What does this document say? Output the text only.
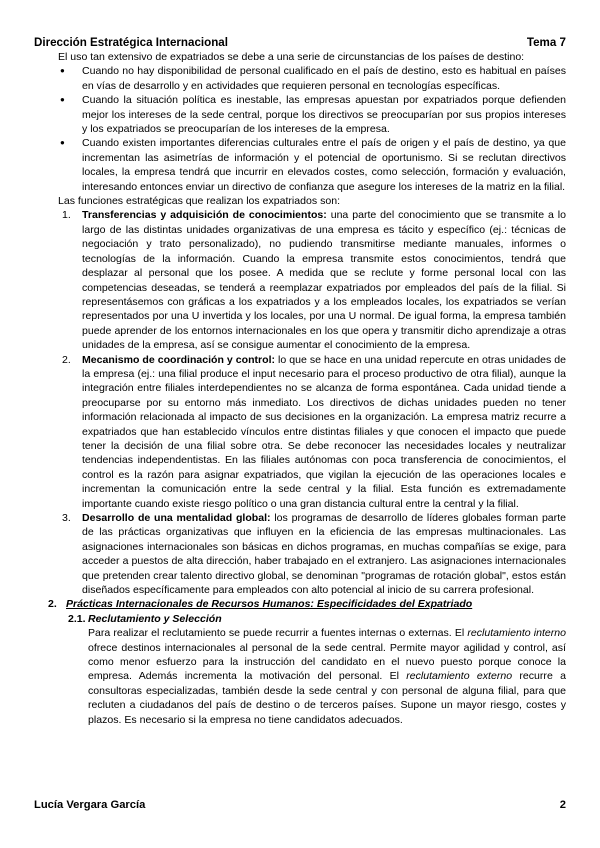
Dirección Estratégica Internacional	Tema 7

El uso tan extensivo de expatriados se debe a una serie de circunstancias de los países de destino:

● Cuando no hay disponibilidad de personal cualificado en el país de destino, esto es habitual en países en vías de desarrollo y en actividades que requieren personal en tecnologías específicas.
● Cuando la situación política es inestable, las empresas apuestan por expatriados porque defienden mejor los intereses de la sede central, porque los directivos se preocuparían por sus propios intereses y los expatriados se preocuparían de los intereses de la empresa.
● Cuando existen importantes diferencias culturales entre el país de origen y el país de destino, ya que incrementan las asimetrías de información y el potencial de oportunismo. Si se reclutan directivos locales, la empresa tendrá que incurrir en elevados costes, como selección, formación y evaluación, interesando entonces enviar un directivo de confianza que asegure los intereses de la matriz en la filial.

Las funciones estratégicas que realizan los expatriados son:

1. Transferencias y adquisición de conocimientos: una parte del conocimiento que se transmite a lo largo de las distintas unidades organizativas de una empresa es tácito y específico (ej.: técnicas de negociación y trato personalizado), no pudiendo transmitirse mediante manuales, informes o tecnologías de la información. Cuando la empresa transmite estos conocimientos, tendrá que desplazar al personal que los posee. A medida que se reclute y forme personal local con las competencias deseadas, se tenderá a reemplazar expatriados por empleados del país de la filial. Si representásemos con gráficas a los expatriados y a los empleados locales, los expatriados se verían representados por una U invertida y los locales, por una U normal. De igual forma, la empresa también puede aprender de los entornos internacionales en los que opera y transmitir dicho aprendizaje a otras unidades de la empresa, así se consigue aumentar el conocimiento de la empresa.
2. Mecanismo de coordinación y control: lo que se hace en una unidad repercute en otras unidades de la empresa (ej.: una filial produce el input necesario para el proceso productivo de otra filial), aunque la integración entre filiales interdependientes no se alcanza de forma espontánea. Cada unidad tiende a preocuparse por su entorno más inmediato. Los directivos de dichas unidades pueden no tener información relacionada al impacto de sus decisiones en la organización. La empresa matriz recurre a expatriados que han establecido vínculos entre distintas filiales y que conocen el impacto que puede tener la decisión de una filial sobre otra. Se debe reconocer las necesidades locales y neutralizar tendencias independentistas. En las filiales autónomas con poca transferencia de conocimientos, el control es la razón para asignar expatriados, que vigilan la ejecución de las operaciones locales e incrementan la comunicación entre la sede central y la filial. Esta función es extremadamente importante cuando existe riesgo político o una gran distancia cultural entre la central y la filial.
3. Desarrollo de una mentalidad global: los programas de desarrollo de líderes globales forman parte de las prácticas organizativas que influyen en la eficiencia de las empresas multinacionales. Las asignaciones internacionales son básicas en dichos programas, en muchas compañías se exige, para acceder a puestos de alta dirección, haber trabajado en el extranjero. Las asignaciones internacionales que pretenden crear talento directivo global, se denominan "programas de rotación global", estos están diseñados específicamente para empleados con alto potencial al inicio de su carrera profesional.
2. Prácticas Internacionales de Recursos Humanos: Especificidades del Expatriado
2.1. Reclutamiento y Selección

Para realizar el reclutamiento se puede recurrir a fuentes internas o externas. El reclutamiento interno ofrece destinos internacionales al personal de la sede central. Permite mayor agilidad y control, así como menor esfuerzo para la instrucción del candidato en el nuevo puesto porque conoce la empresa. Además incrementa la motivación del personal. El reclutamiento externo recurre a consultoras especializadas, también desde la sede central y con personal de alguna filial, para que recluten a ciudadanos del país de destino o de terceros países. Supone un mayor riesgo, costes y plazos. Es necesario si la empresa no tiene candidatos adecuados.

Lucía Vergara García	2
